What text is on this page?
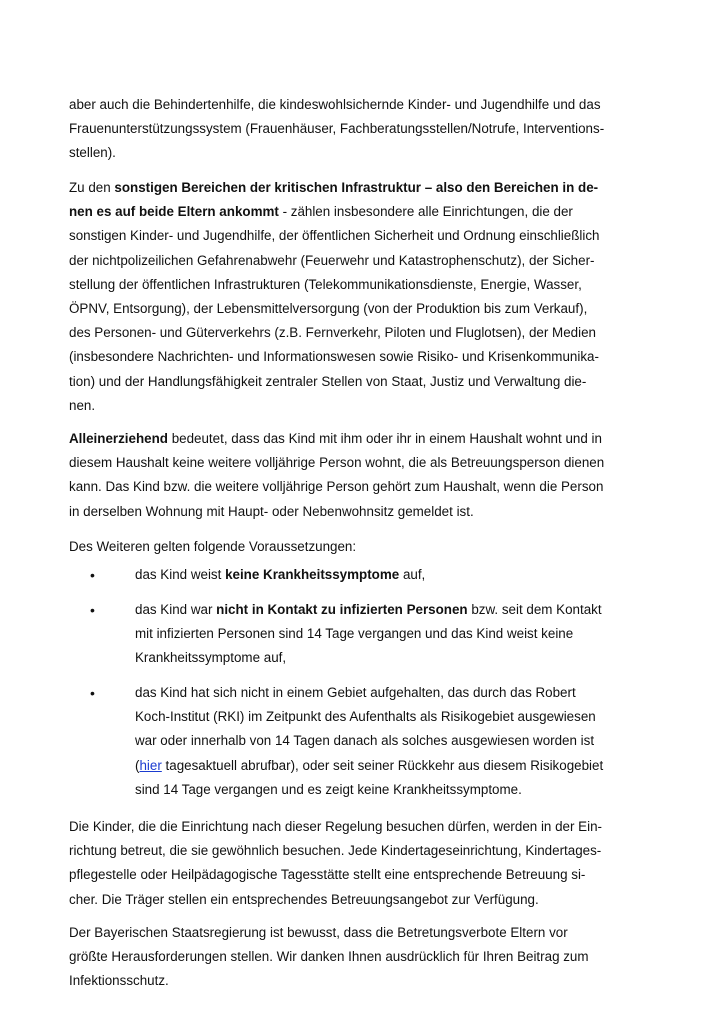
aber auch die Behindertenhilfe, die kindeswohlsichernde Kinder- und Jugendhilfe und das
Frauenunterstützungssystem (Frauenhäuser, Fachberatungsstellen/Notrufe, Interventions-
stellen).
Zu den sonstigen Bereichen der kritischen Infrastruktur – also den Bereichen in de-
nen es auf beide Eltern ankommt - zählen insbesondere alle Einrichtungen, die der
sonstigen Kinder- und Jugendhilfe, der öffentlichen Sicherheit und Ordnung einschließlich
der nichtpolizeilichen Gefahrenabwehr (Feuerwehr und Katastrophenschutz), der Sicher-
stellung der öffentlichen Infrastrukturen (Telekommunikationsdienste, Energie, Wasser,
ÖPNV, Entsorgung), der Lebensmittelversorgung (von der Produktion bis zum Verkauf),
des Personen- und Güterverkehrs (z.B. Fernverkehr, Piloten und Fluglotsen), der Medien
(insbesondere Nachrichten- und Informationswesen sowie Risiko- und Krisenkommunika-
tion) und der Handlungsfähigkeit zentraler Stellen von Staat, Justiz und Verwaltung die-
nen.
Alleinerziehend bedeutet, dass das Kind mit ihm oder ihr in einem Haushalt wohnt und in
diesem Haushalt keine weitere volljährige Person wohnt, die als Betreuungsperson dienen
kann. Das Kind bzw. die weitere volljährige Person gehört zum Haushalt, wenn die Person
in derselben Wohnung mit Haupt- oder Nebenwohnsitz gemeldet ist.
Des Weiteren gelten folgende Voraussetzungen:
•	das Kind weist keine Krankheitssymptome auf,
•	das Kind war nicht in Kontakt zu infizierten Personen bzw. seit dem Kontakt
mit infizierten Personen sind 14 Tage vergangen und das Kind weist keine
Krankheitssymptome auf,
•	das Kind hat sich nicht in einem Gebiet aufgehalten, das durch das Robert
Koch-Institut (RKI) im Zeitpunkt des Aufenthalts als Risikogebiet ausgewiesen
war oder innerhalb von 14 Tagen danach als solches ausgewiesen worden ist
(hier tagesaktuell abrufbar), oder seit seiner Rückkehr aus diesem Risikogebiet
sind 14 Tage vergangen und es zeigt keine Krankheitssymptome.
Die Kinder, die die Einrichtung nach dieser Regelung besuchen dürfen, werden in der Ein-
richtung betreut, die sie gewöhnlich besuchen. Jede Kindertageseinrichtung, Kindertages-
pflegestelle oder Heilpädagogische Tagesstätte stellt eine entsprechende Betreuung si-
cher. Die Träger stellen ein entsprechendes Betreuungsangebot zur Verfügung.
Der Bayerischen Staatsregierung ist bewusst, dass die Betretungsverbote Eltern vor
größte Herausforderungen stellen. Wir danken Ihnen ausdrücklich für Ihren Beitrag zum
Infektionsschutz.
